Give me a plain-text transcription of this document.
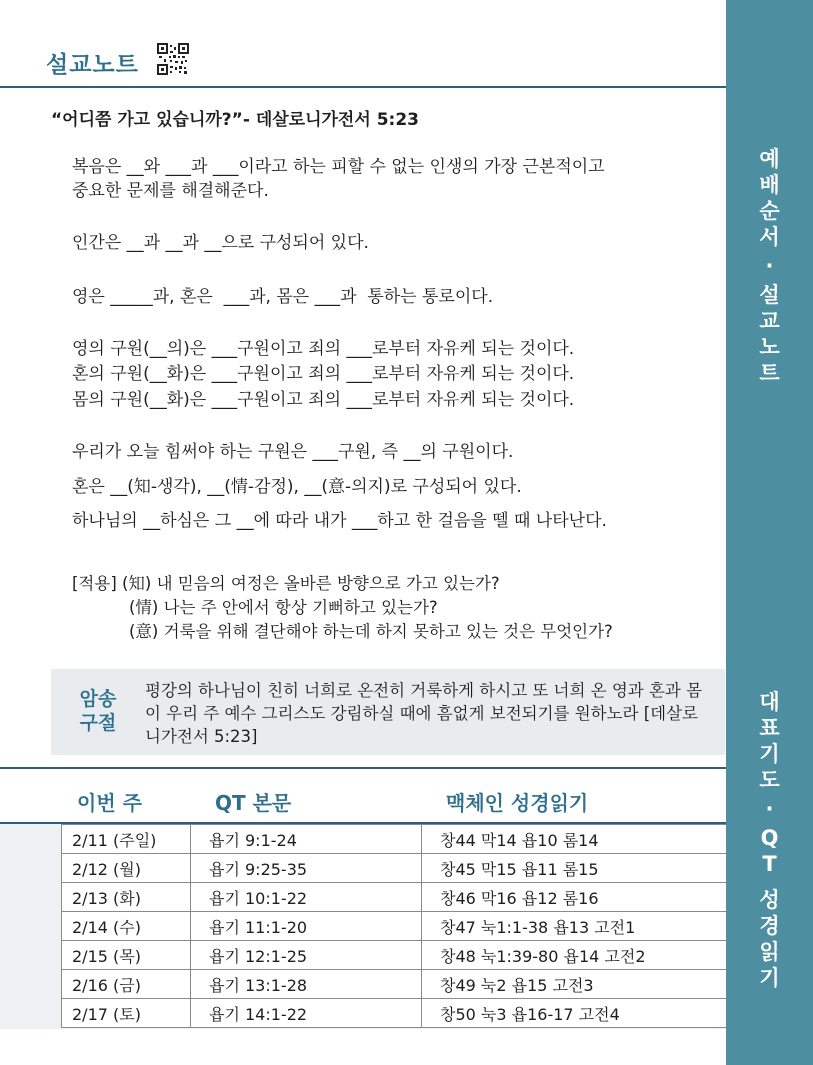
설교노트
“어디쯤 가고 있습니까?”- 데살로니가전서 5:23
복음은 __와 ___과 ___이라고 하는 피할 수 없는 인생의 가장 근본적이고
중요한 문제를 해결해준다.
인간은 __과 __과 __으로 구성되어 있다.
영은 _____과, 혼은  ___과, 몸은 ___과  통하는 통로이다.
영의 구원(__의)은 ___구원이고 죄의 ___로부터 자유케 되는 것이다.
혼의 구원(__화)은 ___구원이고 죄의 ___로부터 자유케 되는 것이다.
몸의 구원(__화)은 ___구원이고 죄의 ___로부터 자유케 되는 것이다.
우리가 오늘 힘써야 하는 구원은 ___구원, 즉 __의 구원이다.
혼은 __(知-생각), __(情-감정), __(意-의지)로 구성되어 있다.
하나님의 __하심은 그 __에 따라 내가 ___하고 한 걸음을 뗄 때 나타난다.
[적용] (知) 내 믿음의 여정은 올바른 방향으로 가고 있는가?
(情) 나는 주 안에서 항상 기뻐하고 있는가?
(意) 거룩을 위해 결단해야 하는데 하지 못하고 있는 것은 무엇인가?
암송
구절
평강의 하나님이 친히 너희로 온전히 거룩하게 하시고 또 너희 온 영과 혼과 몸이 우리 주 예수 그리스도 강림하실 때에 흠없게 보전되기를 원하노라 [데살로니가전서 5:23]
이번 주	QT 본문	맥체인 성경읽기
2/11 (주일)	욥기 9:1-24	창44 막14 욥10 롬14
2/12 (월)	욥기 9:25-35	창45 막15 욥11 롬15
2/13 (화)	욥기 10:1-22	창46 막16 욥12 롬16
2/14 (수)	욥기 11:1-20	창47 눅1:1-38 욥13 고전1
2/15 (목)	욥기 12:1-25	창48 눅1:39-80 욥14 고전2
2/16 (금)	욥기 13:1-28	창49 눅2 욥15 고전3
2/17 (토)	욥기 14:1-22	창50 눅3 욥16-17 고전4
예
배
순
서
·
설
교
노
트
대
표
기
도
·
Q
T
성
경
읽
기
